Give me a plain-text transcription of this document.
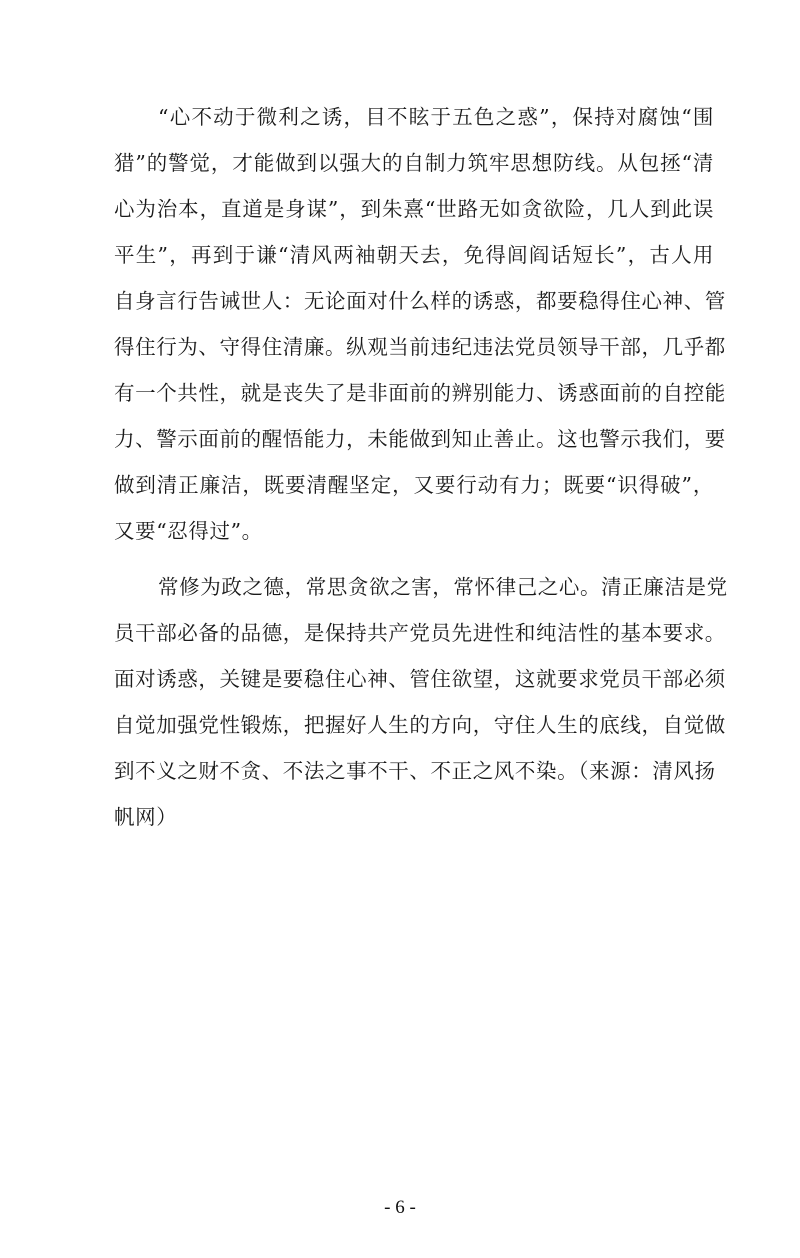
“心不动于微利之诱，目不眩于五色之惑”，保持对腐蚀“围
猎”的警觉，才能做到以强大的自制力筑牢思想防线。从包拯“清
心为治本，直道是身谋”，到朱熹“世路无如贪欲险，几人到此误
平生”，再到于谦“清风两袖朝天去，免得闾阎话短长”，古人用
自身言行告诫世人：无论面对什么样的诱惑，都要稳得住心神、管
得住行为、守得住清廉。纵观当前违纪违法党员领导干部，几乎都
有一个共性，就是丧失了是非面前的辨别能力、诱惑面前的自控能
力、警示面前的醒悟能力，未能做到知止善止。这也警示我们，要
做到清正廉洁，既要清醒坚定，又要行动有力；既要“识得破”，
又要“忍得过”。
常修为政之德，常思贪欲之害，常怀律己之心。清正廉洁是党
员干部必备的品德，是保持共产党员先进性和纯洁性的基本要求。
面对诱惑，关键是要稳住心神、管住欲望，这就要求党员干部必须
自觉加强党性锻炼，把握好人生的方向，守住人生的底线，自觉做
到不义之财不贪、不法之事不干、不正之风不染。（来源：清风扬
帆网）
- 6 -
